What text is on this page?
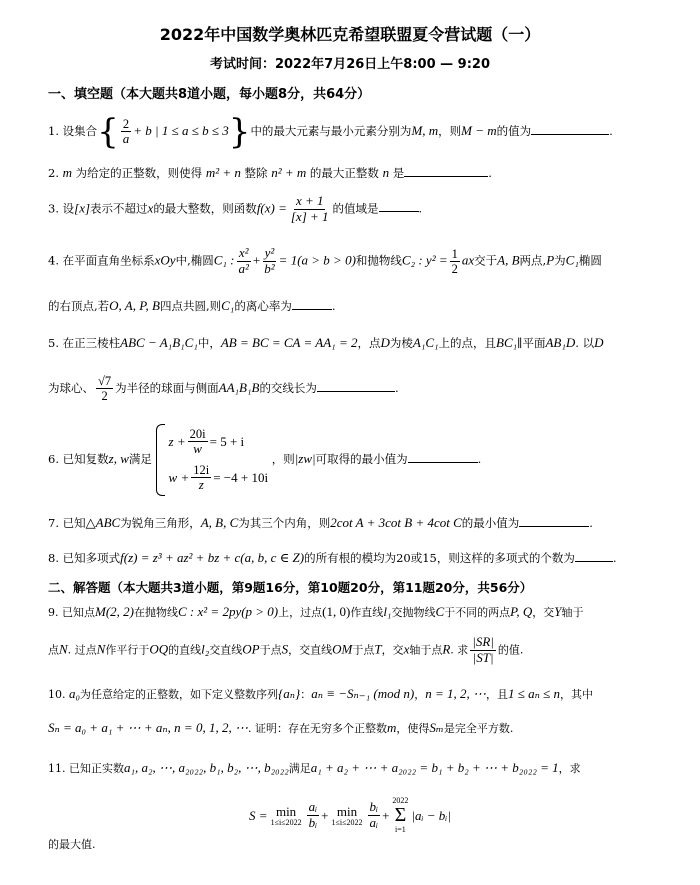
2022年中国数学奥林匹克希望联盟夏令营试题（一）
考试时间：2022年7月26日上午8:00 — 9:20
一、填空题（本大题共8道小题，每小题8分，共64分）
1. 设集合{ $\frac{2}{a} + b$ | 1 ≤ a ≤ b ≤ 3}中的最大元素与最小元素分别为M, m，则M − m的值为	.
2. m 为给定的正整数，则使得 m² + n 整除 n² + m 的最大正整数 n 是	.
3. 设[x]表示不超过x的最大整数，则函数$f(x) = \frac{x + 1}{[x] + 1}$ 的值域是	.
4. 在平面直角坐标系xOy中,椭圆C₁ : $\frac{\text{x²}}{\text{a²}} + \frac{\text{y²}}{\text{b²}} = 1(a > b > 0)$和抛物线C₂ : $y^2 = \frac{1}{2}$ ax交于A, B两点,P为C₁椭圆
的右顶点,若O, A, P, B四点共圆,则C₁的离心率为	.
5. 在正三棱柱ABC − A₁B₁C₁中，AB = BC = CA = AA₁ = 2，点D为棱A₁C₁上的点，且BC₁∥平面AB₁D. 以D
为球心、 $\frac{√7}{2}$ 为半径的球面与侧面AA₁B₁B的交线长为	.
6. 已知复数z, w满足
$z + \frac{20i}{w} = 5 + i$
$w + \frac{12i}{z} = -4 + 10i$
，则|zw|可取得的最小值为	.
7. 已知△ABC为锐角三角形，A, B, C为其三个内角，则2cot A + 3cot B + 4cot C的最小值为	.
8. 已知多项式f(z) = z³ + az² + bz + c(a, b, c ∈ Z)的所有根的模均为20或15，则这样的多项式的个数为	.
二、解答题（本大题共3道小题，第9题16分，第10题20分，第11题20分，共56分）
9. 已知点M(2, 2)在抛物线C : x² = 2py(p > 0)上，过点(1, 0)作直线l₁交抛物线C于不同的两点P, Q，交Y轴于
点N. 过点N作平行于OQ的直线l₂交直线OP于点S，交直线OM于点T，交x轴于点R. 求 $\frac{|SR|}{|ST|}$ 的值.
10. a₀为任意给定的正整数，如下定义整数序列{aₙ}：aₙ ≡ −Sₙ₋₁ (mod n)，n = 1, 2, ⋯，且1 ≤ aₙ ≤ n，其中
Sₙ = a₀ + a₁ + ⋯ + aₙ, n = 0, 1, 2, ⋯. 证明：存在无穷多个正整数m，使得Sₘ是完全平方数.
11. 已知正实数a₁, a₂, ⋯, a₂₀₂₂, b₁, b₂, ⋯, b₂₀₂₂满足a₁ + a₂ + ⋯ + a₂₀₂₂ = b₁ + b₂ + ⋯ + b₂₀₂₂ = 1，求
S = min
$1\le i\le 2022 \frac{\text{aᵢ}}{\text{bᵢ}} + \min$
$1\le i\le 2022 \frac{\text{bᵢ}}{\text{aᵢ}}$ +
2022
Σ
i=1
|aᵢ − bᵢ|
的最大值.
